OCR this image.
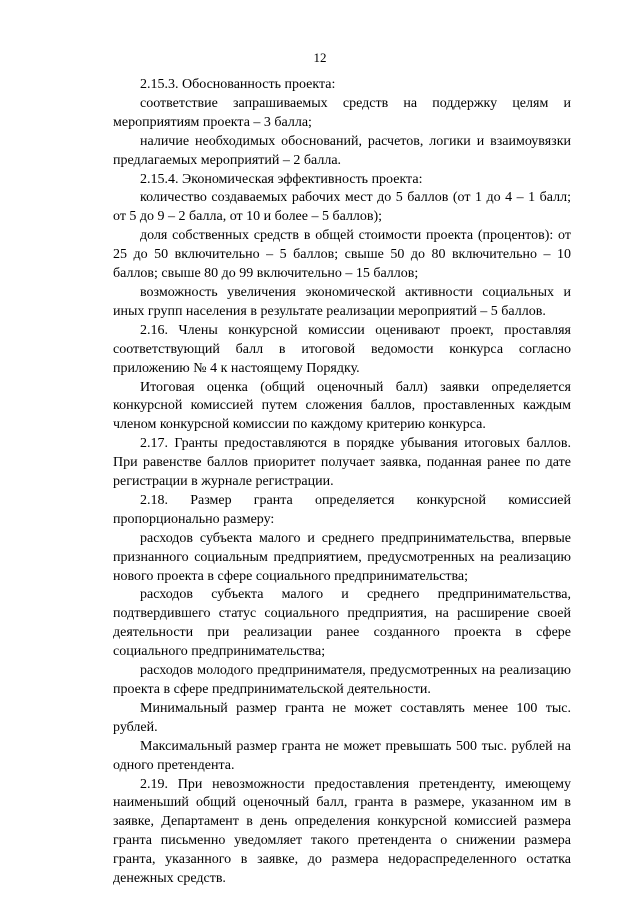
12

2.15.3. Обоснованность проекта:

соответствие запрашиваемых средств на поддержку целям и мероприятиям проекта – 3 балла;

наличие необходимых обоснований, расчетов, логики и взаимоувязки предлагаемых мероприятий – 2 балла.

2.15.4. Экономическая эффективность проекта:

количество создаваемых рабочих мест до 5 баллов (от 1 до 4 – 1 балл; от 5 до 9 – 2 балла, от 10 и более – 5 баллов);

доля собственных средств в общей стоимости проекта (процентов): от 25 до 50 включительно – 5 баллов; свыше 50 до 80 включительно – 10 баллов; свыше 80 до 99 включительно – 15 баллов;

возможность увеличения экономической активности социальных и иных групп населения в результате реализации мероприятий – 5 баллов.

2.16. Члены конкурсной комиссии оценивают проект, проставляя соответствующий балл в итоговой ведомости конкурса согласно приложению № 4 к настоящему Порядку.

Итоговая оценка (общий оценочный балл) заявки определяется конкурсной комиссией путем сложения баллов, проставленных каждым членом конкурсной комиссии по каждому критерию конкурса.

2.17. Гранты предоставляются в порядке убывания итоговых баллов. При равенстве баллов приоритет получает заявка, поданная ранее по дате регистрации в журнале регистрации.

2.18. Размер гранта определяется конкурсной комиссией пропорционально размеру:

расходов субъекта малого и среднего предпринимательства, впервые признанного социальным предприятием, предусмотренных на реализацию нового проекта в сфере социального предпринимательства;

расходов субъекта малого и среднего предпринимательства, подтвердившего статус социального предприятия, на расширение своей деятельности при реализации ранее созданного проекта в сфере социального предпринимательства;

расходов молодого предпринимателя, предусмотренных на реализацию проекта в сфере предпринимательской деятельности.

Минимальный размер гранта не может составлять менее 100 тыс. рублей.

Максимальный размер гранта не может превышать 500 тыс. рублей на одного претендента.

2.19. При невозможности предоставления претенденту, имеющему наименьший общий оценочный балл, гранта в размере, указанном им в заявке, Департамент в день определения конкурсной комиссией размера гранта письменно уведомляет такого претендента о снижении размера гранта, указанного в заявке, до размера недораспределенного остатка денежных средств.
